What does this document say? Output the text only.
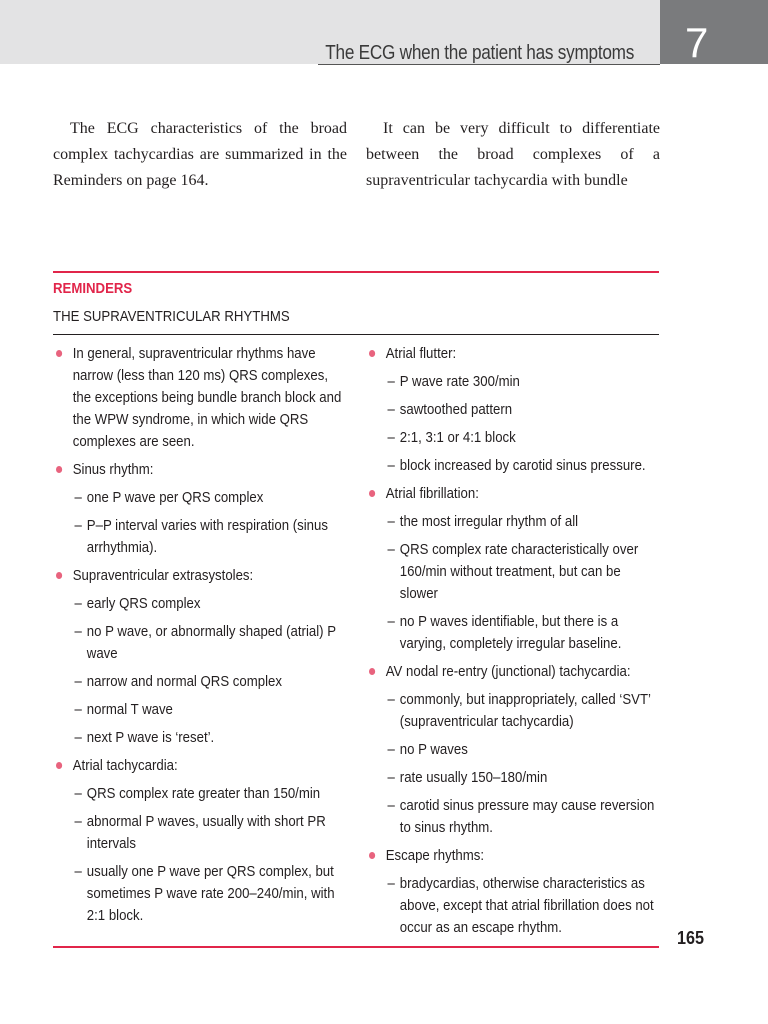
The ECG when the patient has symptoms 7

The ECG characteristics of the broad complex tachycardias are summarized in the Reminders on page 164.

It can be very difficult to differentiate between the broad complexes of a supraventricular tachycardia with bundle

REMINDERS
THE SUPRAVENTRICULAR RHYTHMS
In general, supraventricular rhythms have narrow (less than 120 ms) QRS complexes, the exceptions being bundle branch block and the WPW syndrome, in which wide QRS complexes are seen.
Sinus rhythm:
– one P wave per QRS complex
– P–P interval varies with respiration (sinus arrhythmia).
Supraventricular extrasystoles:
– early QRS complex
– no P wave, or abnormally shaped (atrial) P wave
– narrow and normal QRS complex
– normal T wave
– next P wave is ‘reset’.
Atrial tachycardia:
– QRS complex rate greater than 150/min
– abnormal P waves, usually with short PR intervals
– usually one P wave per QRS complex, but sometimes P wave rate 200–240/min, with 2:1 block.
Atrial flutter:
– P wave rate 300/min
– sawtoothed pattern
– 2:1, 3:1 or 4:1 block
– block increased by carotid sinus pressure.
Atrial fibrillation:
– the most irregular rhythm of all
– QRS complex rate characteristically over 160/min without treatment, but can be slower
– no P waves identifiable, but there is a varying, completely irregular baseline.
AV nodal re-entry (junctional) tachycardia:
– commonly, but inappropriately, called ‘SVT’ (supraventricular tachycardia)
– no P waves
– rate usually 150–180/min
– carotid sinus pressure may cause reversion to sinus rhythm.
Escape rhythms:
– bradycardias, otherwise characteristics as above, except that atrial fibrillation does not occur as an escape rhythm.
165
